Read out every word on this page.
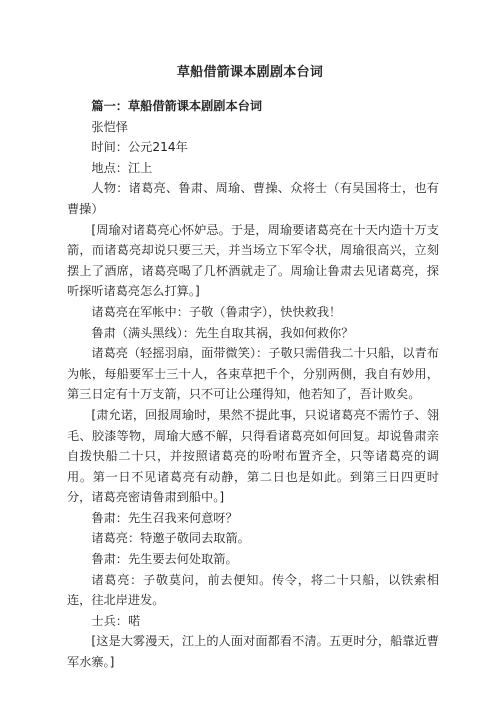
草船借箭课本剧剧本台词

篇一：草船借箭课本剧剧本台词

张恺怿

时间：公元214年

地点：江上

人物：诸葛亮、鲁肃、周瑜、曹操、众将士（有吴国将士，也有曹操）

[周瑜对诸葛亮心怀妒忌。于是，周瑜要诸葛亮在十天内造十万支箭，而诸葛亮却说只要三天，并当场立下军令状，周瑜很高兴，立刻摆上了酒席，诸葛亮喝了几杯酒就走了。周瑜让鲁肃去见诸葛亮，探听探听诸葛亮怎么打算。]

诸葛亮在军帐中：子敬（鲁肃字），快快救我！

鲁肃（满头黑线）：先生自取其祸，我如何救你？

诸葛亮（轻摇羽扇，面带微笑）：子敬只需借我二十只船，以青布为帐，每船要军士三十人，各束草把千个，分别两侧，我自有妙用，第三日定有十万支箭，只不可让公瑾得知，他若知了，吾计败矣。

[肃允诺，回报周瑜时，果然不提此事，只说诸葛亮不需竹子、翎毛、胶漆等物，周瑜大感不解，只得看诸葛亮如何回复。却说鲁肃亲自拨快船二十只，并按照诸葛亮的吩咐布置齐全，只等诸葛亮的调用。第一日不见诸葛亮有动静，第二日也是如此。到第三日四更时分，诸葛亮密请鲁肃到船中。]

鲁肃：先生召我来何意呀？

诸葛亮：特邀子敬同去取箭。

鲁肃：先生要去何处取箭。

诸葛亮：子敬莫问，前去便知。传令，将二十只船，以铁索相连，往北岸进发。

士兵：喏

[这是大雾漫天，江上的人面对面都看不清。五更时分，船靠近曹军水寨。]
